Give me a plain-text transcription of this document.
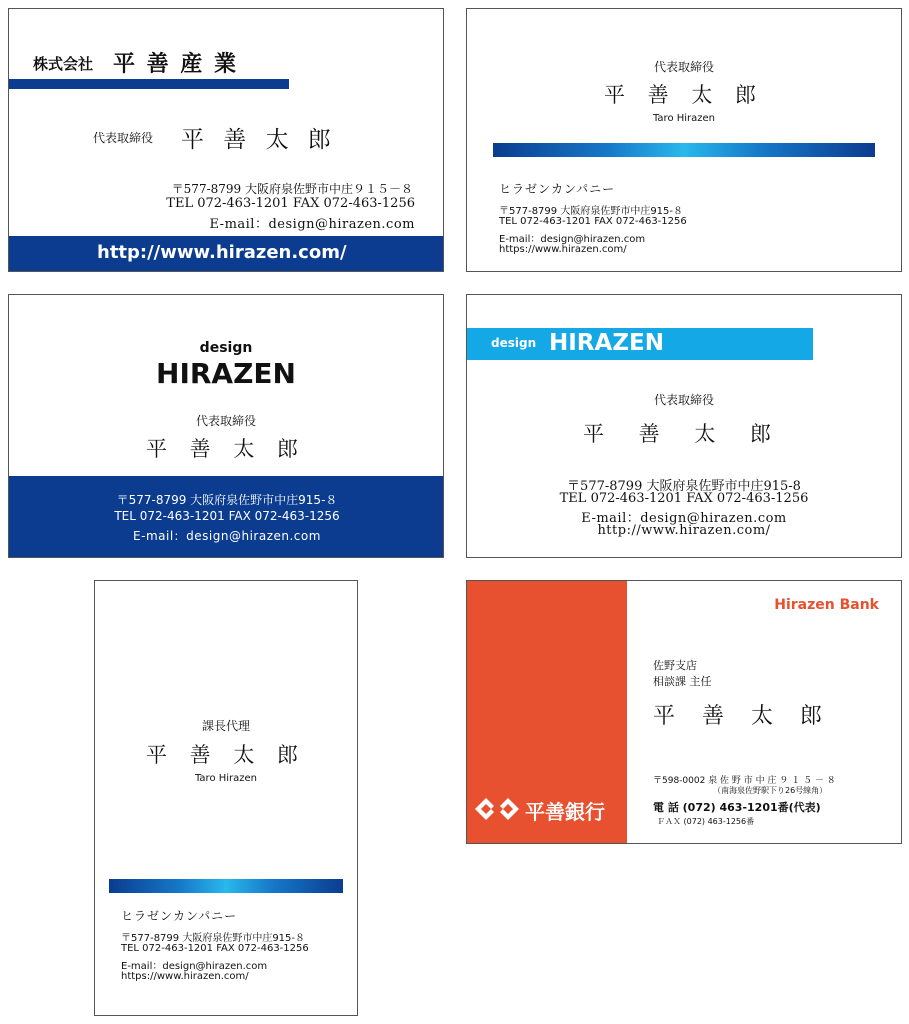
株式会社 平 善 産 業
代表取締役 平 善 太 郎
〒577-8799 大阪府泉佐野市中庄９１５－８
TEL 072-463-1201 FAX 072-463-1256
E-mail：design@hirazen.com
http://www.hirazen.com/
代表取締役
平 善 太 郎
Taro Hirazen
ヒラゼンカンパニー
〒577-8799 大阪府泉佐野市中庄915-８
TEL 072-463-1201 FAX 072-463-1256
E-mail：design@hirazen.com
https://www.hirazen.com/
design
HIRAZEN
代表取締役
平 善 太 郎
〒577-8799 大阪府泉佐野市中庄915-８
TEL 072-463-1201 FAX 072-463-1256
E-mail：design@hirazen.com
design HIRAZEN
代表取締役
平 善 太 郎
〒577-8799 大阪府泉佐野市中庄915-8
TEL 072-463-1201 FAX 072-463-1256
E-mail：design@hirazen.com
http://www.hirazen.com/
課長代理
平 善 太 郎
Taro Hirazen
ヒラゼンカンパニー
〒577-8799 大阪府泉佐野市中庄915-８
TEL 072-463-1201 FAX 072-463-1256
E-mail：design@hirazen.com
https://www.hirazen.com/
平善銀行
Hirazen Bank
佐野支店
相談課 主任
平 善 太 郎
〒598-0002 泉 佐 野 市 中 庄 ９ １ ５ － ８
（南海泉佐野駅下り26号線角）
電 話 (072) 463-1201番(代表)
ＦＡＸ (072) 463-1256番
